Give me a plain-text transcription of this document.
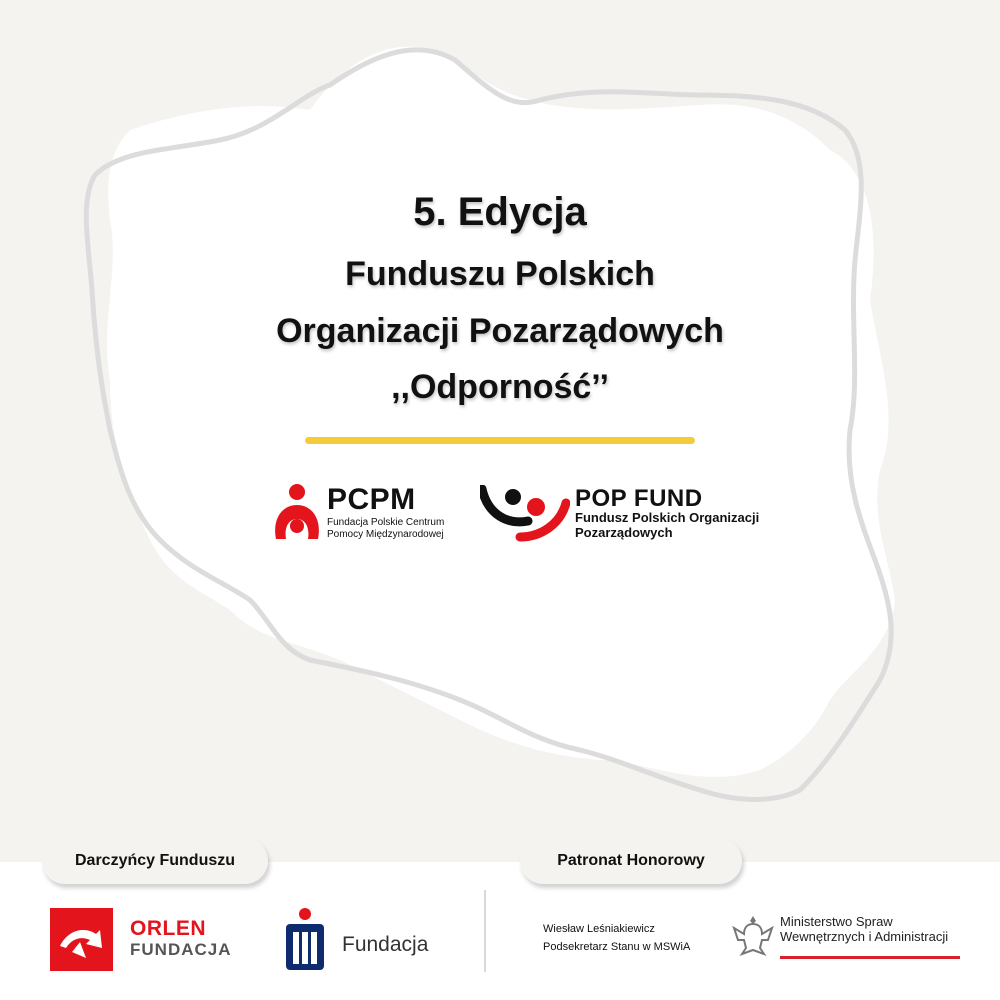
5. Edycja
Funduszu Polskich
Organizacji Pozarządowych
,,Odporność’’
PCPM
Fundacja Polskie Centrum Pomocy Międzynarodowej
POP FUND
Fundusz Polskich Organizacji Pozarządowych
Darczyńcy Funduszu	Patronat Honorowy
ORLEN
FUNDACJA	Fundacja
Wiesław Leśniakiewicz
Podsekretarz Stanu w MSWiA
Ministerstwo Spraw Wewnętrznych i Administracji
